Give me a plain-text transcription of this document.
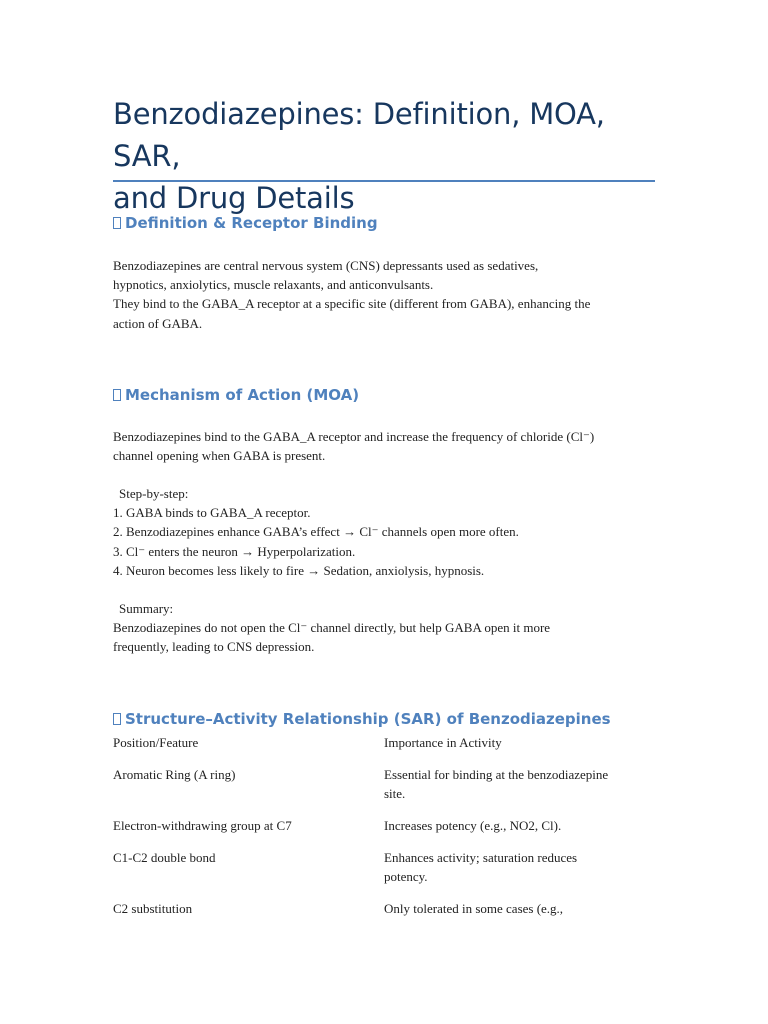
Benzodiazepines: Definition, MOA, SAR,
and Drug Details
Definition & Receptor Binding
Benzodiazepines are central nervous system (CNS) depressants used as sedatives,
hypnotics, anxiolytics, muscle relaxants, and anticonvulsants.
They bind to the GABA_A receptor at a specific site (different from GABA), enhancing the
action of GABA.
Mechanism of Action (MOA)
Benzodiazepines bind to the GABA_A receptor and increase the frequency of chloride (Cl⁻)
channel opening when GABA is present.
Step-by-step:
1. GABA binds to GABA_A receptor.
2. Benzodiazepines enhance GABA’s effect → Cl⁻ channels open more often.
3. Cl⁻ enters the neuron → Hyperpolarization.
4. Neuron becomes less likely to fire → Sedation, anxiolysis, hypnosis.
Summary:
Benzodiazepines do not open the Cl⁻ channel directly, but help GABA open it more
frequently, leading to CNS depression.
Structure–Activity Relationship (SAR) of Benzodiazepines
Position/Feature	Importance in Activity
Aromatic Ring (A ring)	Essential for binding at the benzodiazepine
site.
Electron-withdrawing group at C7	Increases potency (e.g., NO2, Cl).
C1-C2 double bond	Enhances activity; saturation reduces
potency.
C2 substitution	Only tolerated in some cases (e.g.,
